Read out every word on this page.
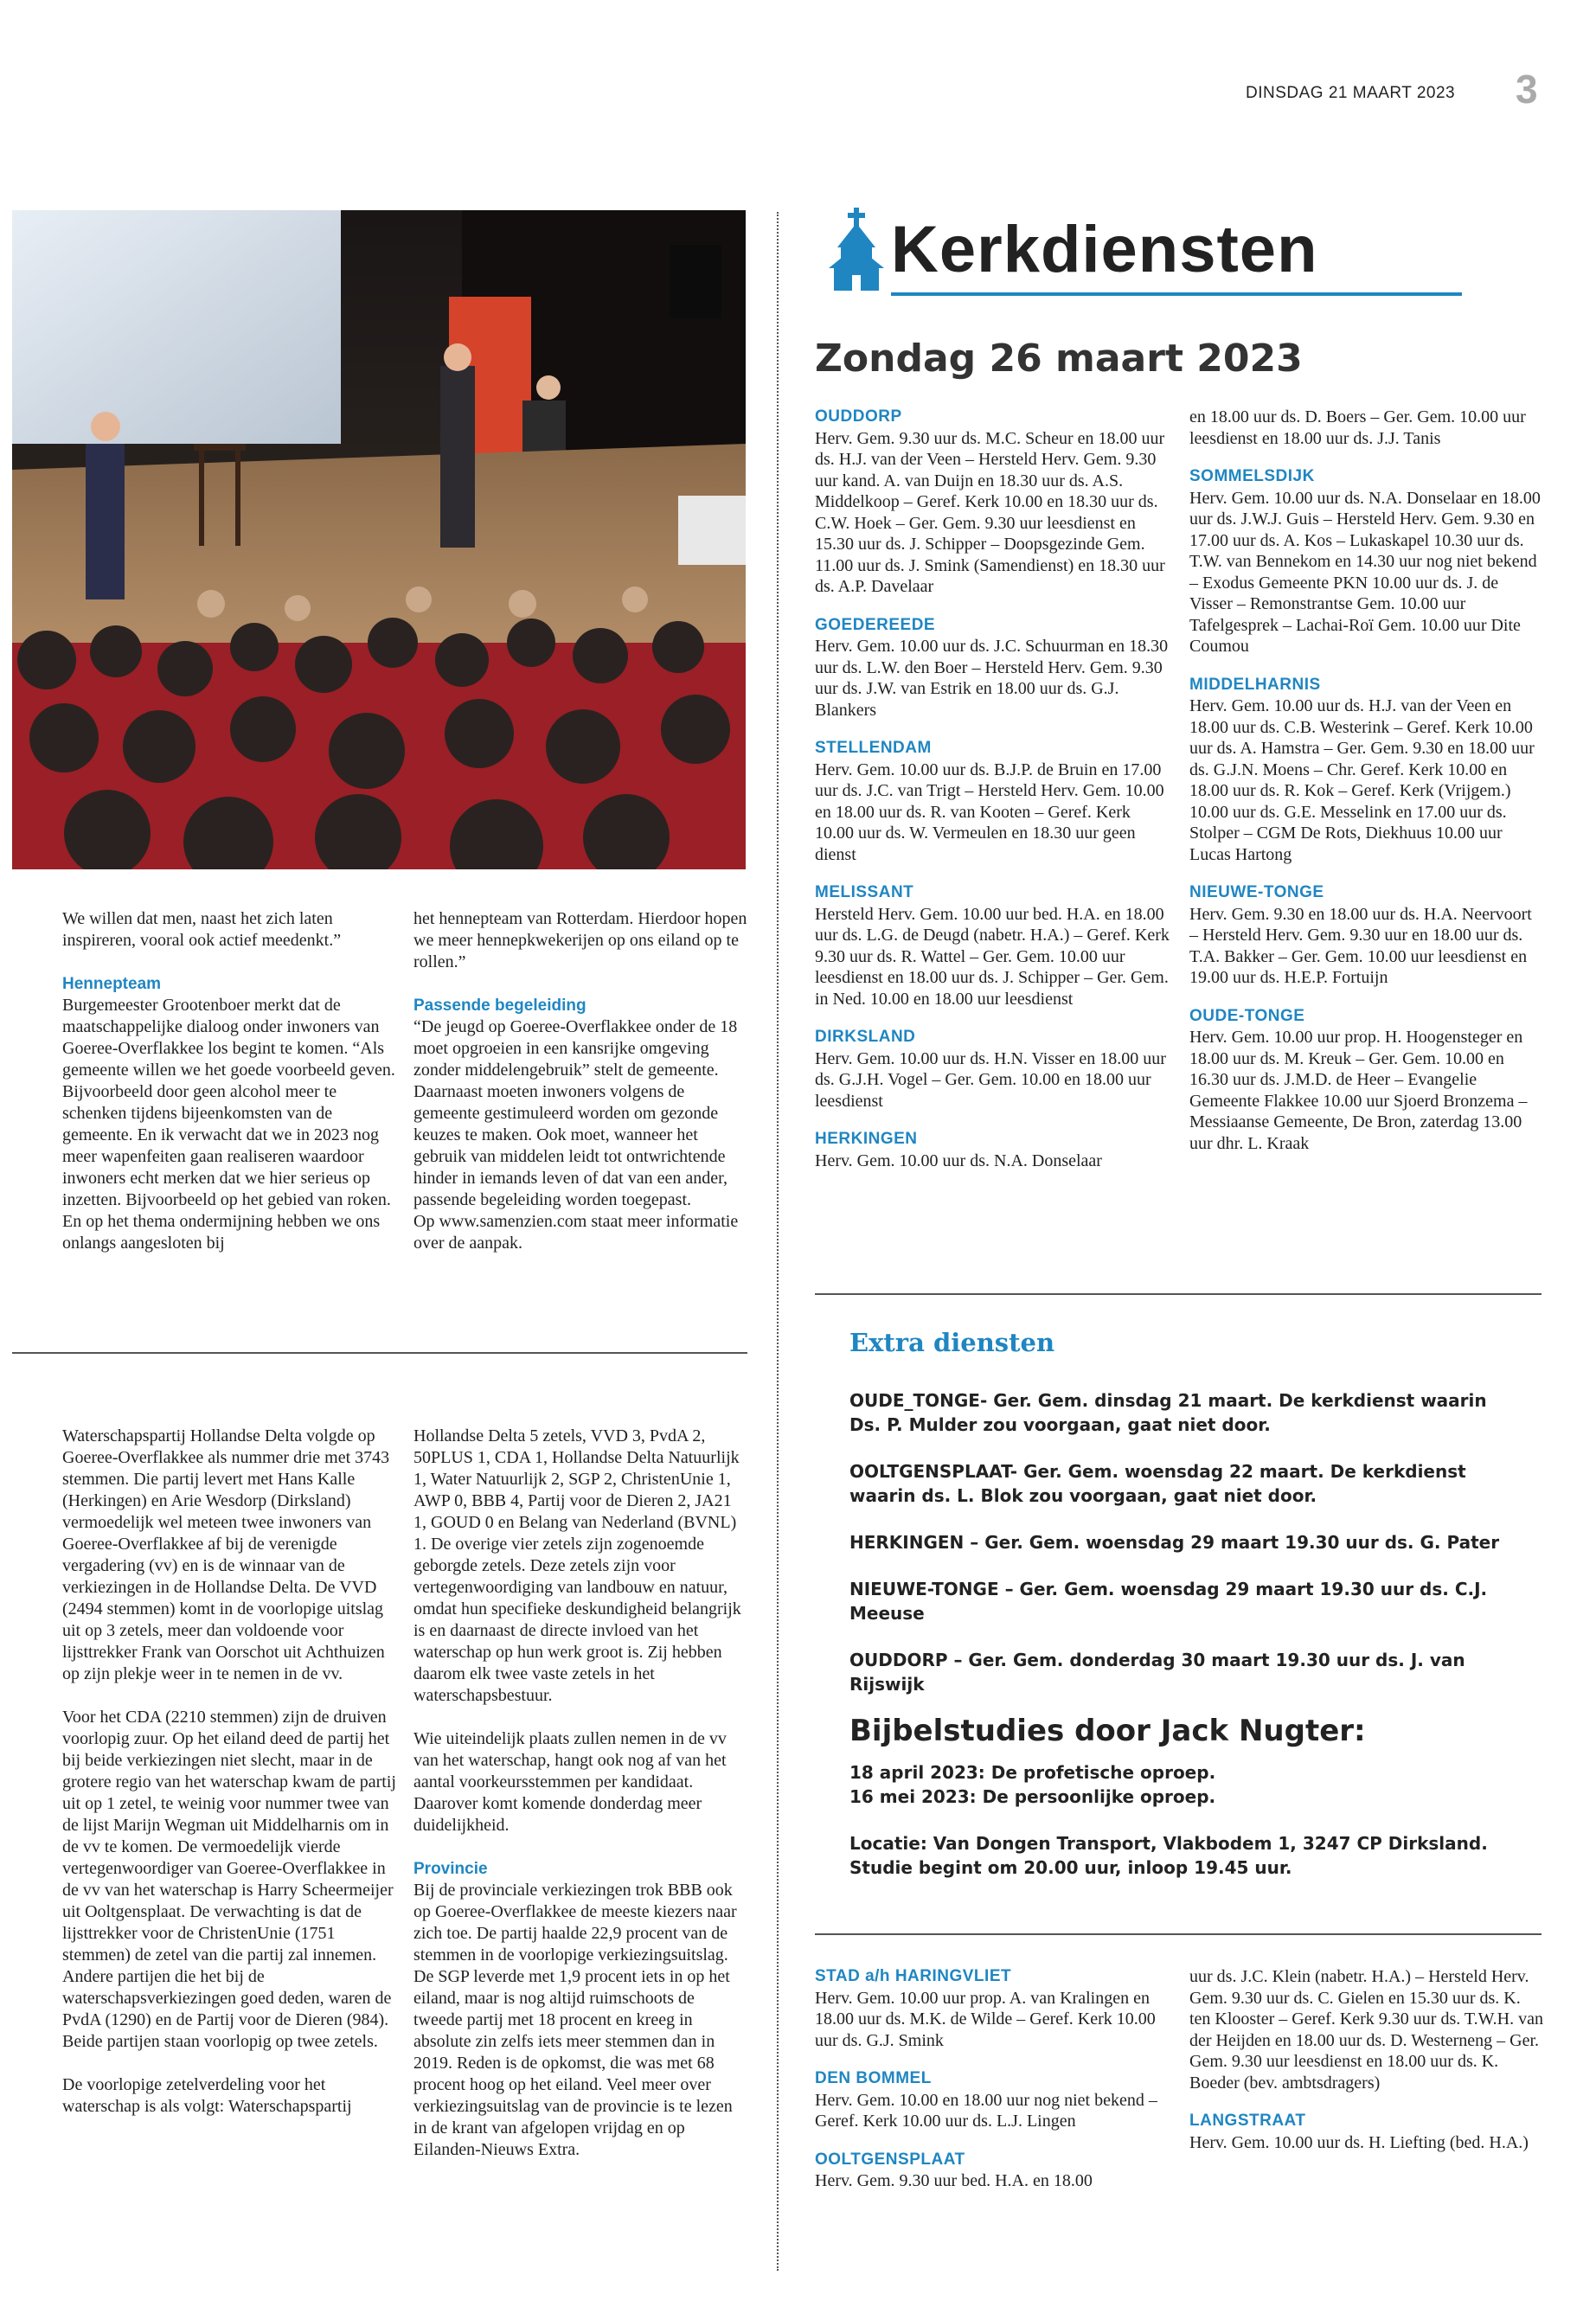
DINSDAG 21 MAART 2023 3

We willen dat men, naast het zich laten inspireren, vooral ook actief meedenkt.”

Hennepteam

Burgemeester Grootenboer merkt dat de maatschappelijke dialoog onder inwoners van Goeree-Overflakkee los begint te komen. “Als gemeente willen we het goede voorbeeld geven. Bijvoorbeeld door geen alcohol meer te schenken tijdens bijeenkomsten van de gemeente. En ik verwacht dat we in 2023 nog meer wapenfeiten gaan realiseren waardoor inwoners echt merken dat we hier serieus op inzetten. Bijvoorbeeld op het gebied van roken. En op het thema ondermijning hebben we ons onlangs aangesloten bij

het hennepteam van Rotterdam. Hierdoor hopen we meer hennepkwekerijen op ons eiland op te rollen.”

Passende begeleiding

“De jeugd op Goeree-Overflakkee onder de 18 moet opgroeien in een kansrijke omgeving zonder middelengebruik” stelt de gemeente. Daarnaast moeten inwoners volgens de gemeente gestimuleerd worden om gezonde keuzes te maken. Ook moet, wanneer het gebruik van middelen leidt tot ontwrichtende hinder in iemands leven of dat van een ander, passende begeleiding worden toegepast.

Op www.samenzien.com staat meer informatie over de aanpak.

Waterschapspartij Hollandse Delta volgde op Goeree-Overflakkee als nummer drie met 3743 stemmen. Die partij levert met Hans Kalle (Herkingen) en Arie Wesdorp (Dirksland) vermoedelijk wel meteen twee inwoners van Goeree-Overflakkee af bij de verenigde vergadering (vv) en is de winnaar van de verkiezingen in de Hollandse Delta. De VVD (2494 stemmen) komt in de voorlopige uitslag uit op 3 zetels, meer dan voldoende voor lijsttrekker Frank van Oorschot uit Achthuizen op zijn plekje weer in te nemen in de vv.

Voor het CDA (2210 stemmen) zijn de druiven voorlopig zuur. Op het eiland deed de partij het bij beide verkiezingen niet slecht, maar in de grotere regio van het waterschap kwam de partij uit op 1 zetel, te weinig voor nummer twee van de lijst Marijn Wegman uit Middelharnis om in de vv te komen. De vermoedelijk vierde vertegenwoordiger van Goeree-Overflakkee in de vv van het waterschap is Harry Scheermeijer uit Ooltgensplaat. De verwachting is dat de lijsttrekker voor de ChristenUnie (1751 stemmen) de zetel van die partij zal innemen. Andere partijen die het bij de waterschapsverkiezingen goed deden, waren de PvdA (1290) en de Partij voor de Dieren (984). Beide partijen staan voorlopig op twee zetels.

De voorlopige zetelverdeling voor het waterschap is als volgt: Waterschapspartij

Hollandse Delta 5 zetels, VVD 3, PvdA 2, 50PLUS 1, CDA 1, Hollandse Delta Natuurlijk 1, Water Natuurlijk 2, SGP 2, ChristenUnie 1, AWP 0, BBB 4, Partij voor de Dieren 2, JA21 1, GOUD 0 en Belang van Nederland (BVNL) 1. De overige vier zetels zijn zogenoemde geborgde zetels. Deze zetels zijn voor vertegenwoordiging van landbouw en natuur, omdat hun specifieke deskundigheid belangrijk is en daarnaast de directe invloed van het waterschap op hun werk groot is. Zij hebben daarom elk twee vaste zetels in het waterschapsbestuur.

Wie uiteindelijk plaats zullen nemen in de vv van het waterschap, hangt ook nog af van het aantal voorkeursstemmen per kandidaat. Daarover komt komende donderdag meer duidelijkheid.

Provincie

Bij de provinciale verkiezingen trok BBB ook op Goeree-Overflakkee de meeste kiezers naar zich toe. De partij haalde 22,9 procent van de stemmen in de voorlopige verkiezingsuitslag. De SGP leverde met 1,9 procent iets in op het eiland, maar is nog altijd ruimschoots de tweede partij met 18 procent en kreeg in absolute zin zelfs iets meer stemmen dan in 2019. Reden is de opkomst, die was met 68 procent hoog op het eiland. Veel meer over verkiezingsuitslag van de provincie is te lezen in de krant van afgelopen vrijdag en op Eilanden-Nieuws Extra.

Kerkdiensten
Zondag 26 maart 2023
OUDDORP
Herv. Gem. 9.30 uur ds. M.C. Scheur en 18.00 uur ds. H.J. van der Veen – Hersteld Herv. Gem. 9.30 uur kand. A. van Duijn en 18.30 uur ds. A.S. Middelkoop – Geref. Kerk 10.00 en 18.30 uur ds. C.W. Hoek – Ger. Gem. 9.30 uur leesdienst en 15.30 uur ds. J. Schipper – Doopsgezinde Gem. 11.00 uur ds. J. Smink (Samendienst) en 18.30 uur ds. A.P. Davelaar
GOEDEREEDE
Herv. Gem. 10.00 uur ds. J.C. Schuurman en 18.30 uur ds. L.W. den Boer – Hersteld Herv. Gem. 9.30 uur ds. J.W. van Estrik en 18.00 uur ds. G.J. Blankers
STELLENDAM
Herv. Gem. 10.00 uur ds. B.J.P. de Bruin en 17.00 uur ds. J.C. van Trigt – Hersteld Herv. Gem. 10.00 en 18.00 uur ds. R. van Kooten – Geref. Kerk 10.00 uur ds. W. Vermeulen en 18.30 uur geen dienst
MELISSANT
Hersteld Herv. Gem. 10.00 uur bed. H.A. en 18.00 uur ds. L.G. de Deugd (nabetr. H.A.) – Geref. Kerk 9.30 uur ds. R. Wattel – Ger. Gem. 10.00 uur leesdienst en 18.00 uur ds. J. Schipper – Ger. Gem. in Ned. 10.00 en 18.00 uur leesdienst
DIRKSLAND
Herv. Gem. 10.00 uur ds. H.N. Visser en 18.00 uur ds. G.J.H. Vogel – Ger. Gem. 10.00 en 18.00 uur leesdienst
HERKINGEN
Herv. Gem. 10.00 uur ds. N.A. Donselaar
en 18.00 uur ds. D. Boers – Ger. Gem. 10.00 uur leesdienst en 18.00 uur ds. J.J. Tanis
SOMMELSDIJK
Herv. Gem. 10.00 uur ds. N.A. Donselaar en 18.00 uur ds. J.W.J. Guis – Hersteld Herv. Gem. 9.30 en 17.00 uur ds. A. Kos – Lukaskapel 10.30 uur ds. T.W. van Bennekom en 14.30 uur nog niet bekend – Exodus Gemeente PKN 10.00 uur ds. J. de Visser – Remonstrantse Gem. 10.00 uur Tafelgesprek – Lachai-Roï Gem. 10.00 uur Dite Coumou
MIDDELHARNIS
Herv. Gem. 10.00 uur ds. H.J. van der Veen en 18.00 uur ds. C.B. Westerink – Geref. Kerk 10.00 uur ds. A. Hamstra – Ger. Gem. 9.30 en 18.00 uur ds. G.J.N. Moens – Chr. Geref. Kerk 10.00 en 18.00 uur ds. R. Kok – Geref. Kerk (Vrijgem.) 10.00 uur ds. G.E. Messelink en 17.00 uur ds. Stolper – CGM De Rots, Diekhuus 10.00 uur Lucas Hartong
NIEUWE-TONGE
Herv. Gem. 9.30 en 18.00 uur ds. H.A. Neervoort – Hersteld Herv. Gem. 9.30 uur en 18.00 uur ds. T.A. Bakker – Ger. Gem. 10.00 uur leesdienst en 19.00 uur ds. H.E.P. Fortuijn
OUDE-TONGE
Herv. Gem. 10.00 uur prop. H. Hoogensteger en 18.00 uur ds. M. Kreuk – Ger. Gem. 10.00 en 16.30 uur ds. J.M.D. de Heer – Evangelie Gemeente Flakkee 10.00 uur Sjoerd Bronzema – Messiaanse Gemeente, De Bron, zaterdag 13.00 uur dhr. L. Kraak
Extra diensten

OUDE_TONGE- Ger. Gem. dinsdag 21 maart. De kerkdienst waarin Ds. P. Mulder zou voorgaan, gaat niet door.

OOLTGENSPLAAT- Ger. Gem. woensdag 22 maart. De kerkdienst waarin ds. L. Blok zou voorgaan, gaat niet door.

HERKINGEN – Ger. Gem. woensdag 29 maart 19.30 uur ds. G. Pater

NIEUWE-TONGE – Ger. Gem. woensdag 29 maart 19.30 uur ds. C.J. Meeuse

OUDDORP – Ger. Gem. donderdag 30 maart 19.30 uur ds. J. van Rijswijk

Bijbelstudies door Jack Nugter:
18 april 2023: De profetische oproep.
16 mei 2023: De persoonlijke oproep.
Locatie: Van Dongen Transport, Vlakbodem 1, 3247 CP Dirksland.
Studie begint om 20.00 uur, inloop 19.45 uur.
STAD a/h HARINGVLIET
Herv. Gem. 10.00 uur prop. A. van Kralingen en 18.00 uur ds. M.K. de Wilde – Geref. Kerk 10.00 uur ds. G.J. Smink
DEN BOMMEL
Herv. Gem. 10.00 en 18.00 uur nog niet bekend – Geref. Kerk 10.00 uur ds. L.J. Lingen
OOLTGENSPLAAT
Herv. Gem. 9.30 uur bed. H.A. en 18.00
uur ds. J.C. Klein (nabetr. H.A.) – Hersteld Herv. Gem. 9.30 uur ds. C. Gielen en 15.30 uur ds. K. ten Klooster – Geref. Kerk 9.30 uur ds. T.W.H. van der Heijden en 18.00 uur ds. D. Westerneng – Ger. Gem. 9.30 uur leesdienst en 18.00 uur ds. K. Boeder (bev. ambtsdragers)
LANGSTRAAT
Herv. Gem. 10.00 uur ds. H. Liefting (bed. H.A.)
